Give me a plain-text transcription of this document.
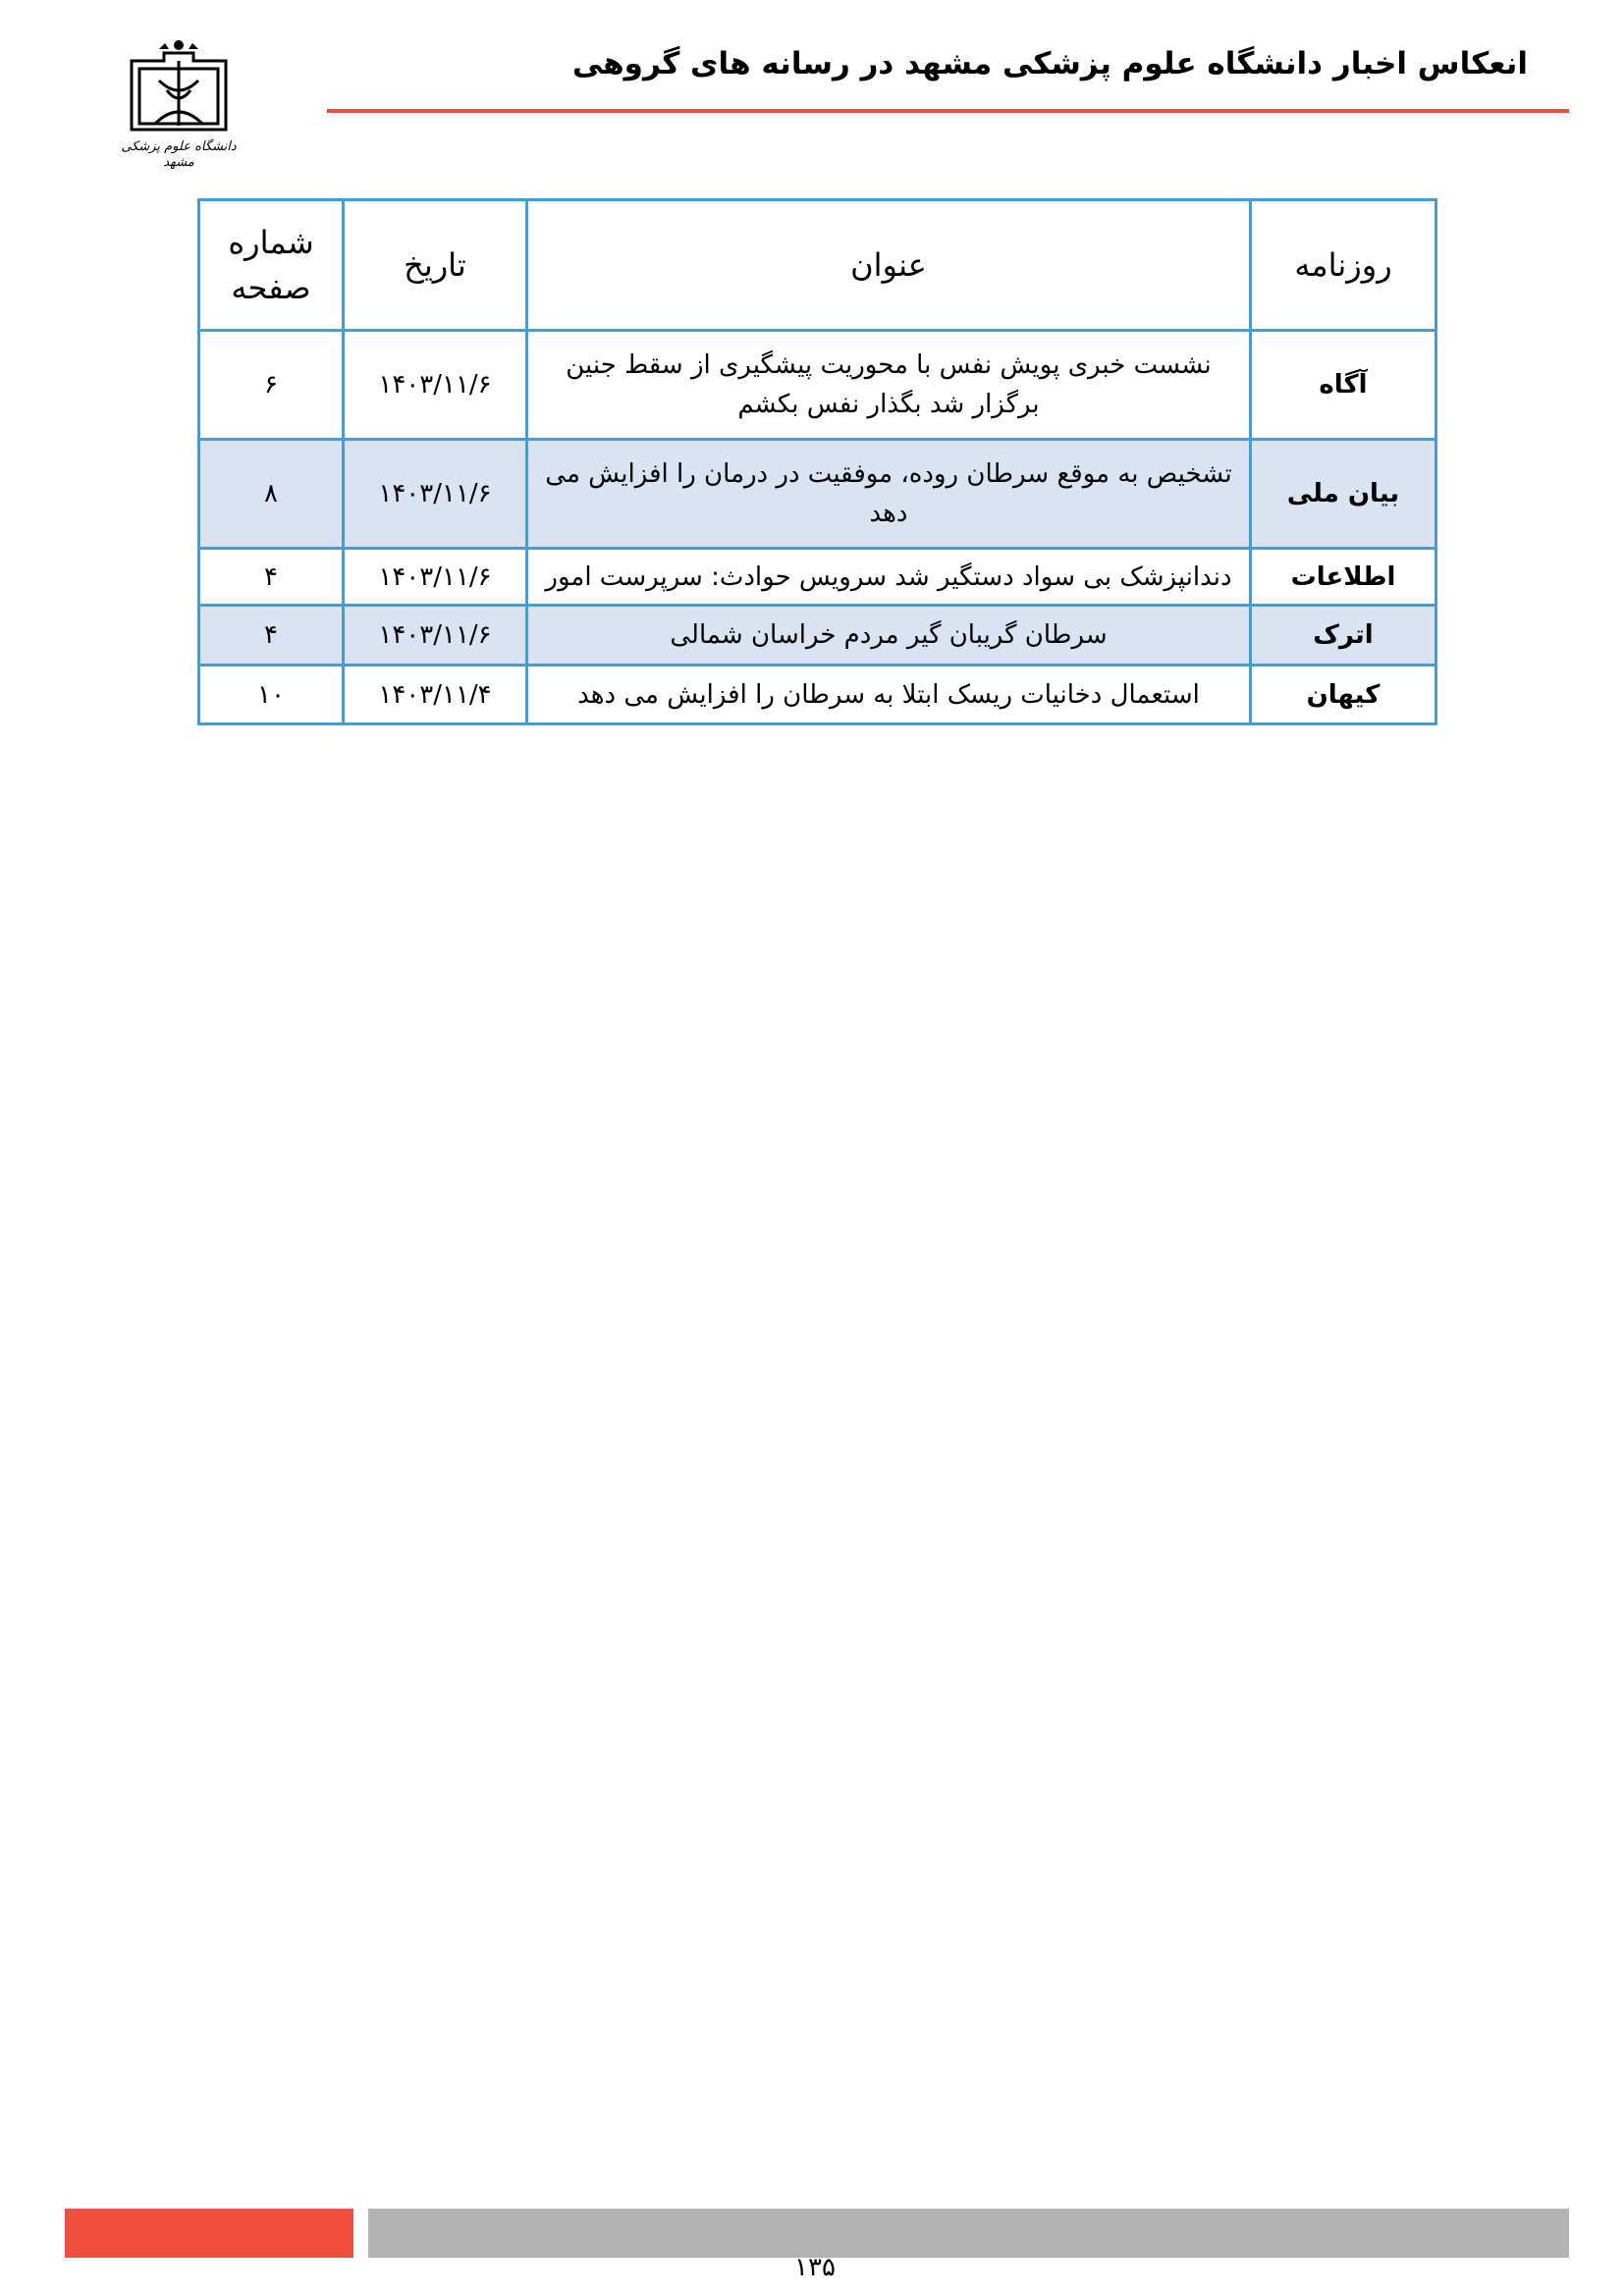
انعکاس اخبار دانشگاه علوم پزشکی مشهد در رسانه های گروهی
دانشگاه علوم پزشکی مشهد
روزنامه	عنوان	تاریخ	شماره صفحه
آگاه	نشست خبری پویش نفس با محوریت پیشگیری از سقط جنین برگزار شد بگذار نفس بکشم	۱۴۰۳/۱۱/۶	۶
بیان ملی	تشخیص به موقع سرطان روده، موفقیت در درمان را افزایش می دهد	۱۴۰۳/۱۱/۶	۸
اطلاعات	دندانپزشک بی سواد دستگیر شد سرویس حوادث: سرپرست امور	۱۴۰۳/۱۱/۶	۴
اترک	سرطان گریبان گیر مردم خراسان شمالی	۱۴۰۳/۱۱/۶	۴
کیهان	استعمال دخانیات ریسک ابتلا به سرطان را افزایش می دهد	۱۴۰۳/۱۱/۴	۱۰
۱۳۵
